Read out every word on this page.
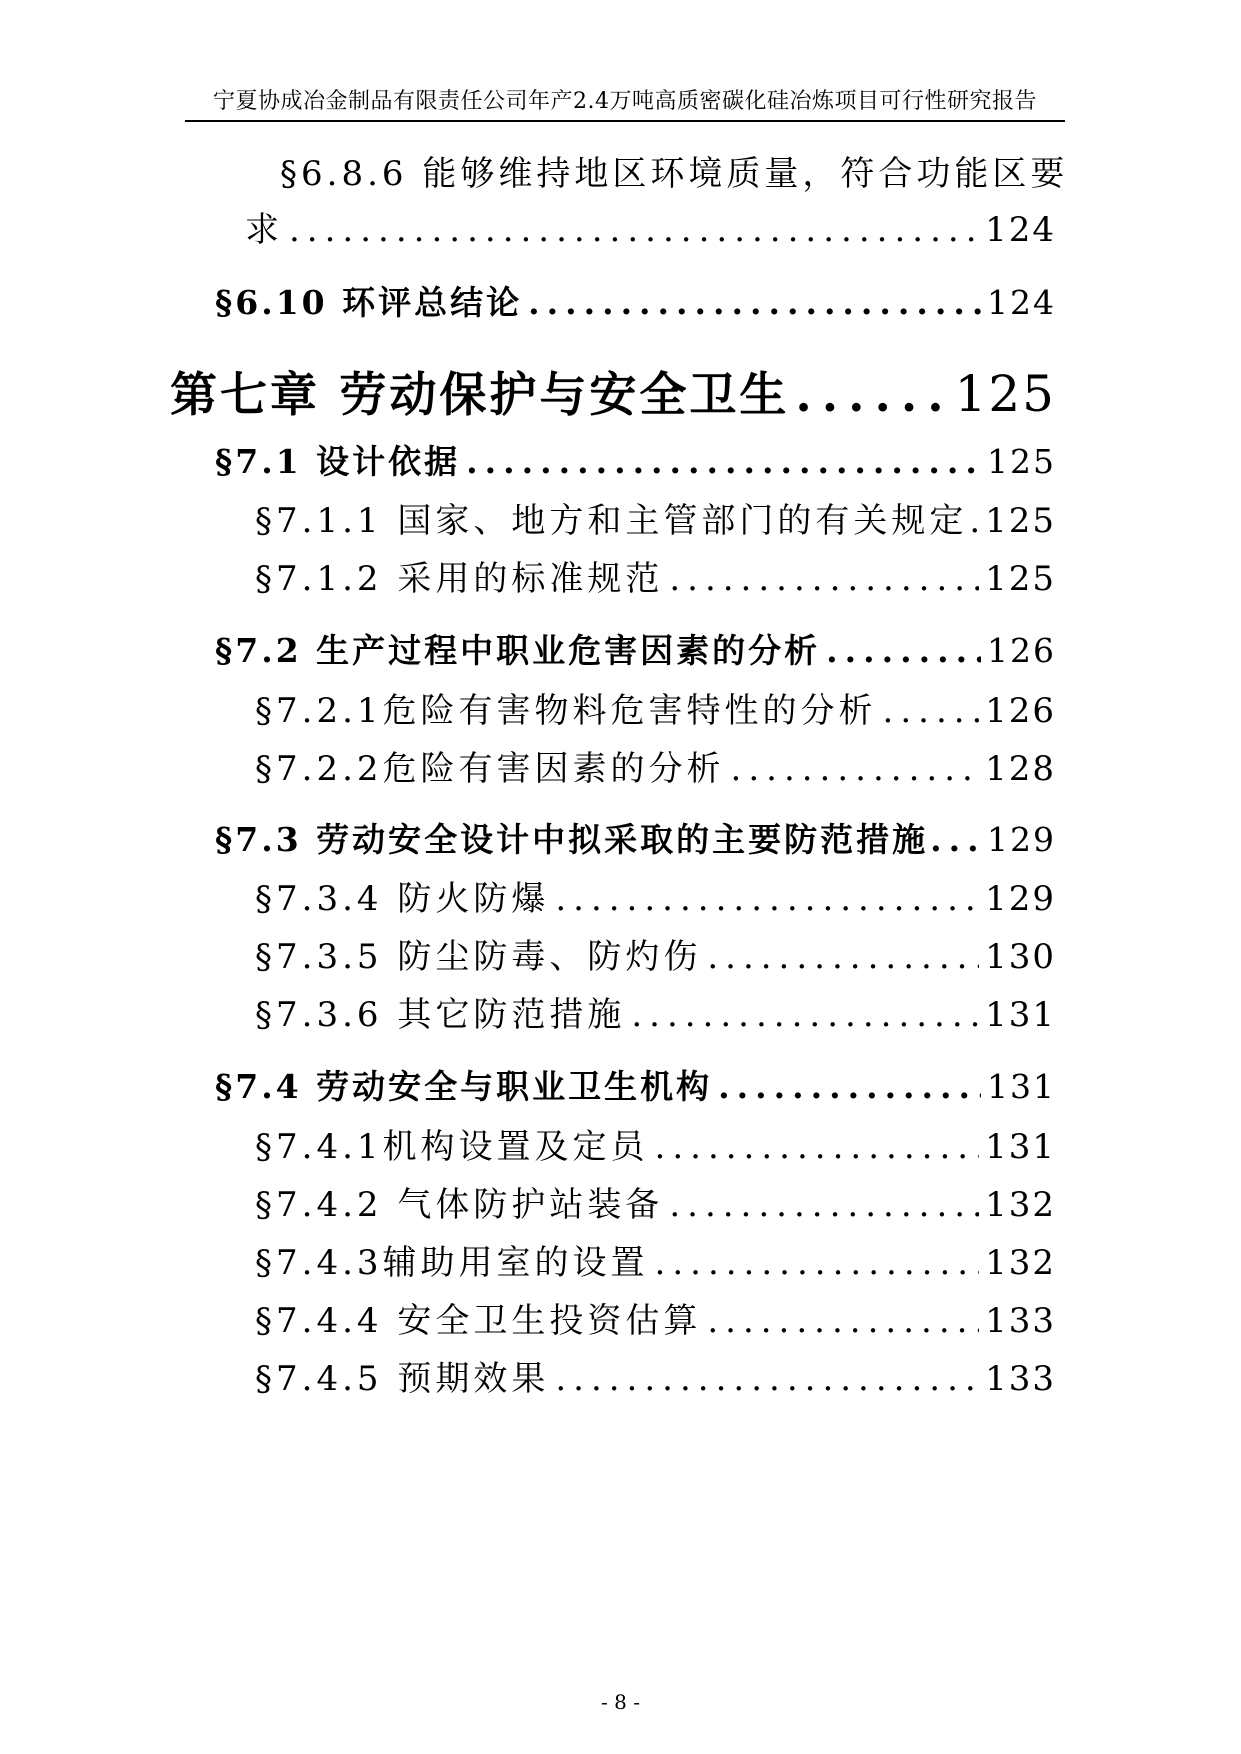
宁夏协成冶金制品有限责任公司年产2.4万吨高质密碳化硅冶炼项目可行性研究报告
§6.8.6 能够维持地区环境质量，符合功能区要
求 .....	124
§6.10 环评总结论 .....	124
第七章 劳动保护与安全卫生 .....	125
§7.1 设计依据 .....	125
§7.1.1 国家、地方和主管部门的有关规定 ..... 125
§7.1.2 采用的标准规范 .....	125
§7.2 生产过程中职业危害因素的分析 .....	126
§7.2.1危险有害物料危害特性的分析 .....	126
§7.2.2危险有害因素的分析 .....	128
§7.3 劳动安全设计中拟采取的主要防范措施 ..... 129
§7.3.4 防火防爆 .....	129
§7.3.5 防尘防毒、防灼伤 .....	130
§7.3.6 其它防范措施 .....	131
§7.4 劳动安全与职业卫生机构 .....	131
§7.4.1机构设置及定员 .....	131
§7.4.2 气体防护站装备 .....	132
§7.4.3辅助用室的设置 .....	132
§7.4.4 安全卫生投资估算 .....	133
§7.4.5 预期效果 .....	133
- 8 -
